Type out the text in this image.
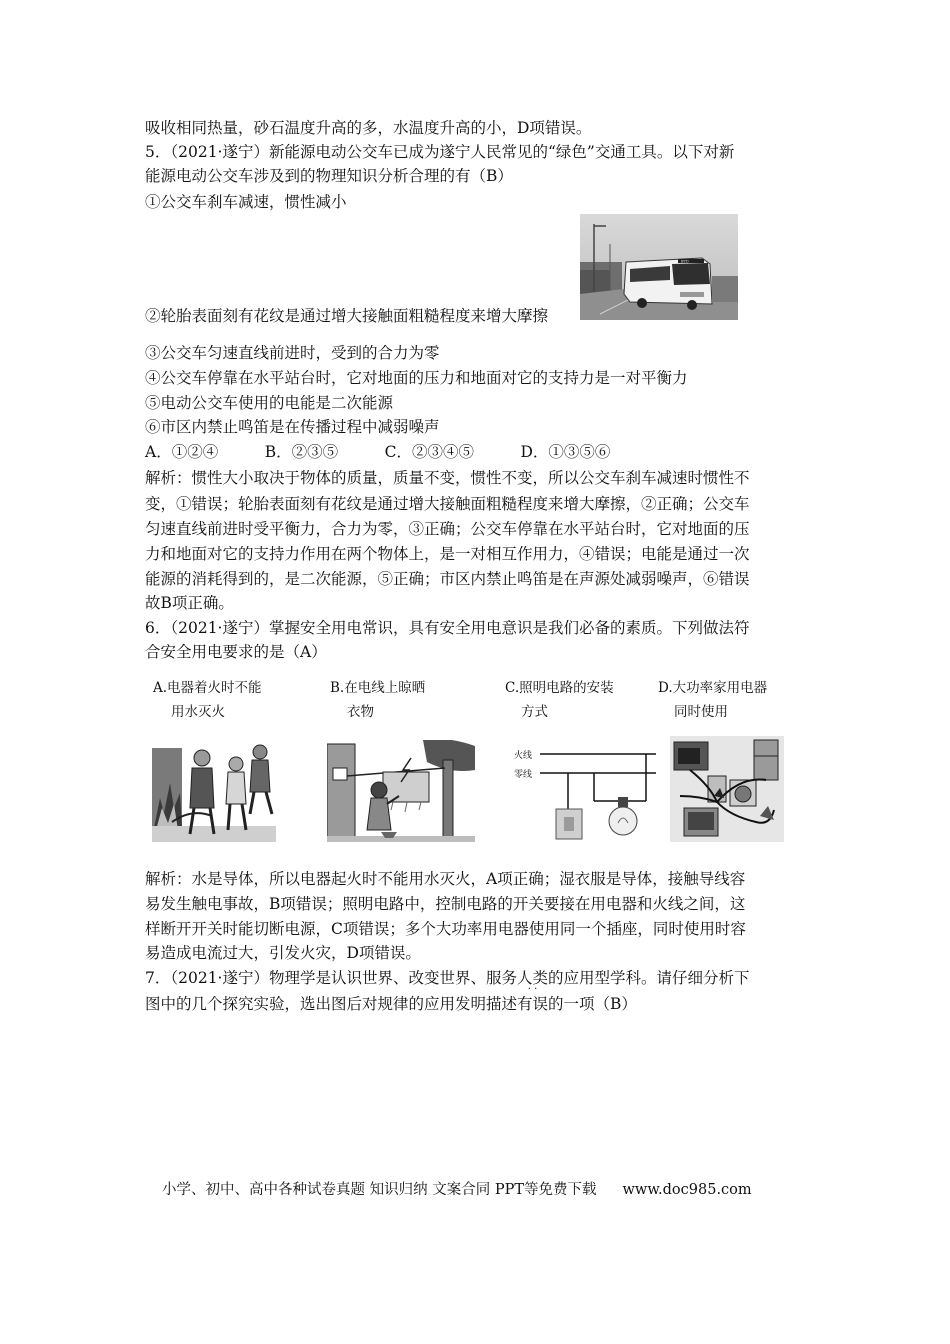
吸收相同热量，砂石温度升高的多，水温度升高的小，D项错误。
5．（2021·遂宁）新能源电动公交车已成为遂宁人民常见的“绿色”交通工具。以下对新
能源电动公交车涉及到的物理知识分析合理的有（B）
①公交车刹车减速，惯性减小
②轮胎表面刻有花纹是通过增大接触面粗糙程度来增大摩擦
BYD
③公交车匀速直线前进时，受到的合力为零
④公交车停靠在水平站台时，它对地面的压力和地面对它的支持力是一对平衡力
⑤电动公交车使用的电能是二次能源
⑥市区内禁止鸣笛是在传播过程中减弱噪声
A．①②④　　　B．②③⑤　　　C．②③④⑤　　　D．①③⑤⑥
解析：惯性大小取决于物体的质量，质量不变，惯性不变，所以公交车刹车减速时惯性不
变，①错误；轮胎表面刻有花纹是通过增大接触面粗糙程度来增大摩擦，②正确；公交车
匀速直线前进时受平衡力，合力为零，③正确；公交车停靠在水平站台时，它对地面的压
力和地面对它的支持力作用在两个物体上，是一对相互作用力，④错误；电能是通过一次
能源的消耗得到的，是二次能源，⑤正确；市区内禁止鸣笛是在声源处减弱噪声，⑥错误
故B项正确。
6．（2021·遂宁）掌握安全用电常识，具有安全用电意识是我们必备的素质。下列做法符
合安全用电要求的是（A）
A.电器着火时不能
用水灭火
B.在电线上晾晒
衣物
C.照明电路的安装
方式
D.大功率家用电器
同时使用
火线
零线
解析：水是导体，所以电器起火时不能用水灭火，A项正确；湿衣服是导体，接触导线容
易发生触电事故，B项错误；照明电路中，控制电路的开关要接在用电器和火线之间，这
样断开开关时能切断电源，C项错误；多个大功率用电器使用同一个插座，同时使用时容
易造成电流过大，引发火灾，D项错误。
7．（2021·遂宁）物理学是认识世界、改变世界、服务人类的应用型学科。请仔细分析下
图中的几个探究实验，选出图后对规律的应用发明描述
· ·
有误的一项（B）
小学、初中、高中各种试卷真题 知识归纳 文案合同 PPT等免费下载 www.doc985.com
